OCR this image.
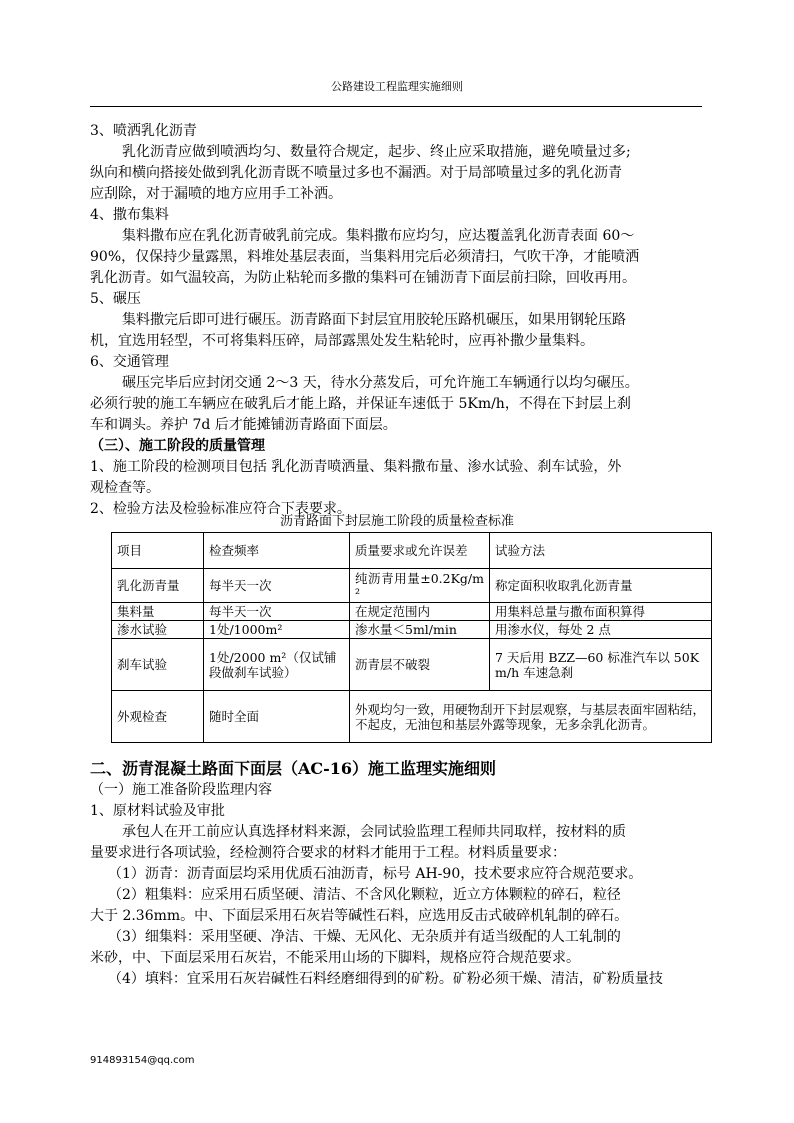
公路建设工程监理实施细则
3、喷洒乳化沥青
乳化沥青应做到喷洒均匀、数量符合规定，起步、终止应采取措施，避免喷量过多;
纵向和横向搭接处做到乳化沥青既不喷量过多也不漏洒。对于局部喷量过多的乳化沥青
应刮除，对于漏喷的地方应用手工补洒。
4、撒布集料
集料撒布应在乳化沥青破乳前完成。集料撒布应均匀，应达覆盖乳化沥青表面 60～
90%，仅保持少量露黑，料堆处基层表面，当集料用完后必须清扫，气吹干净，才能喷洒
乳化沥青。如气温较高，为防止粘轮而多撒的集料可在铺沥青下面层前扫除，回收再用。
5、碾压
集料撒完后即可进行碾压。沥青路面下封层宜用胶轮压路机碾压，如果用钢轮压路
机，宜选用轻型，不可将集料压碎，局部露黑处发生粘轮时，应再补撒少量集料。
6、交通管理
碾压完毕后应封闭交通 2～3 天，待水分蒸发后，可允许施工车辆通行以均匀碾压。
必须行驶的施工车辆应在破乳后才能上路，并保证车速低于 5Km/h，不得在下封层上刹
车和调头。养护 7d 后才能摊铺沥青路面下面层。
（三）、施工阶段的质量管理
1、施工阶段的检测项目包括 乳化沥青喷洒量、集料撒布量、渗水试验、刹车试验，外
观检查等。
2、检验方法及检验标准应符合下表要求。
沥青路面下封层施工阶段的质量检查标准
项目	检查频率	质量要求或允许误差	试验方法
乳化沥青量	每半天一次	纯沥青用量±0.2Kg/m²	称定面积收取乳化沥青量
集料量	每半天一次	在规定范围内	用集料总量与撒布面积算得
渗水试验	1处/1000m²	渗水量＜5ml/min	用渗水仪，每处 2 点
刹车试验	1处/2000 m²（仅试铺段做刹车试验）	沥青层不破裂	7 天后用 BZZ—60 标准汽车以 50Km/h 车速急刹
外观检查	随时全面	外观均匀一致，用硬物刮开下封层观察，与基层表面牢固粘结，不起皮，无油包和基层外露等现象，无多余乳化沥青。	
二、沥青混凝土路面下面层（AC-16）施工监理实施细则
（一）施工准备阶段监理内容
1、原材料试验及审批
承包人在开工前应认真选择材料来源，会同试验监理工程师共同取样，按材料的质
量要求进行各项试验，经检测符合要求的材料才能用于工程。材料质量要求：
（1）沥青：沥青面层均采用优质石油沥青，标号 AH-90，技术要求应符合规范要求。
（2）粗集料：应采用石质坚硬、清洁、不含风化颗粒，近立方体颗粒的碎石，粒径
大于 2.36mm。中、下面层采用石灰岩等碱性石料，应选用反击式破碎机轧制的碎石。
（3）细集料：采用坚硬、净洁、干燥、无风化、无杂质并有适当级配的人工轧制的
米砂，中、下面层采用石灰岩，不能采用山场的下脚料，规格应符合规范要求。
（4）填料：宜采用石灰岩碱性石料经磨细得到的矿粉。矿粉必须干燥、清洁，矿粉质量技
914893154@qq.com
